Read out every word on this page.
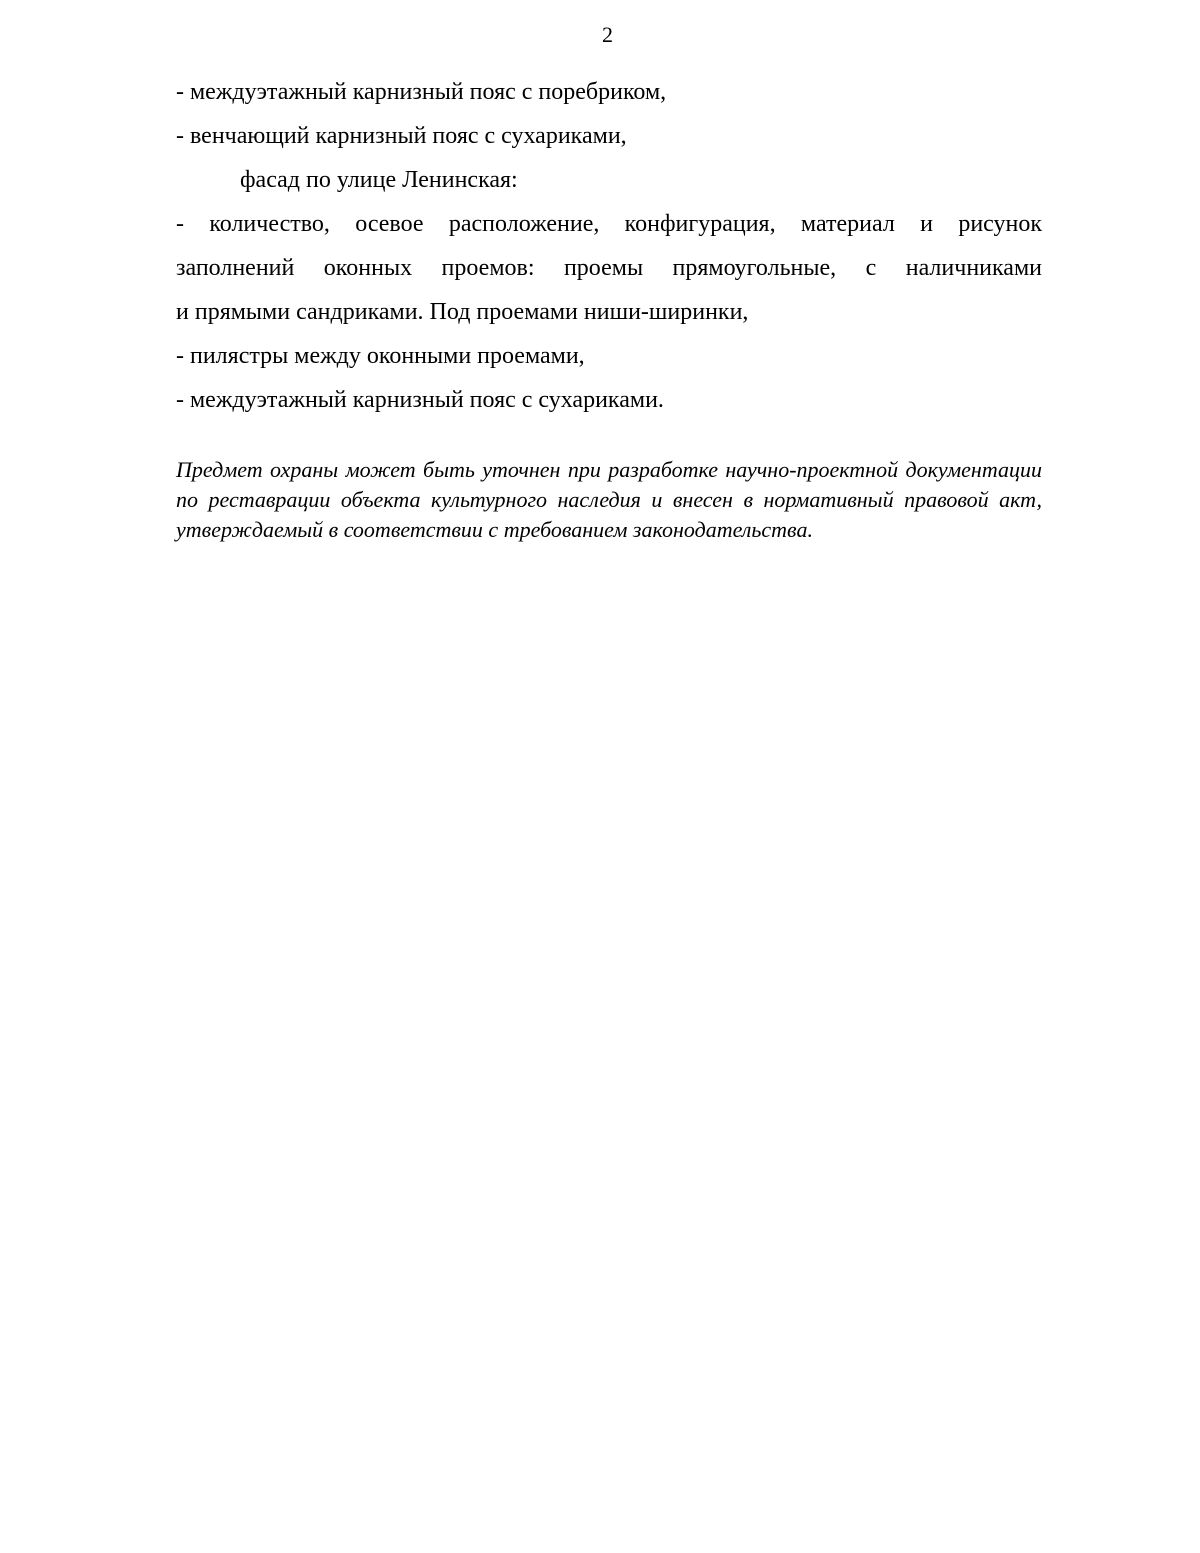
2

- междуэтажный карнизный пояс с поребриком,

- венчающий карнизный пояс с сухариками,

фасад по улице Ленинская:

- количество, осевое расположение, конфигурация, материал и рисунок

заполнений оконных проемов: проемы прямоугольные, с наличниками

и прямыми сандриками. Под проемами ниши-ширинки,

- пилястры между оконными проемами,

- междуэтажный карнизный пояс с сухариками.

Предмет охраны может быть уточнен при разработке научно-проектной документации по реставрации объекта культурного наследия и внесен в нормативный правовой акт, утверждаемый в соответствии с требованием законодательства.
